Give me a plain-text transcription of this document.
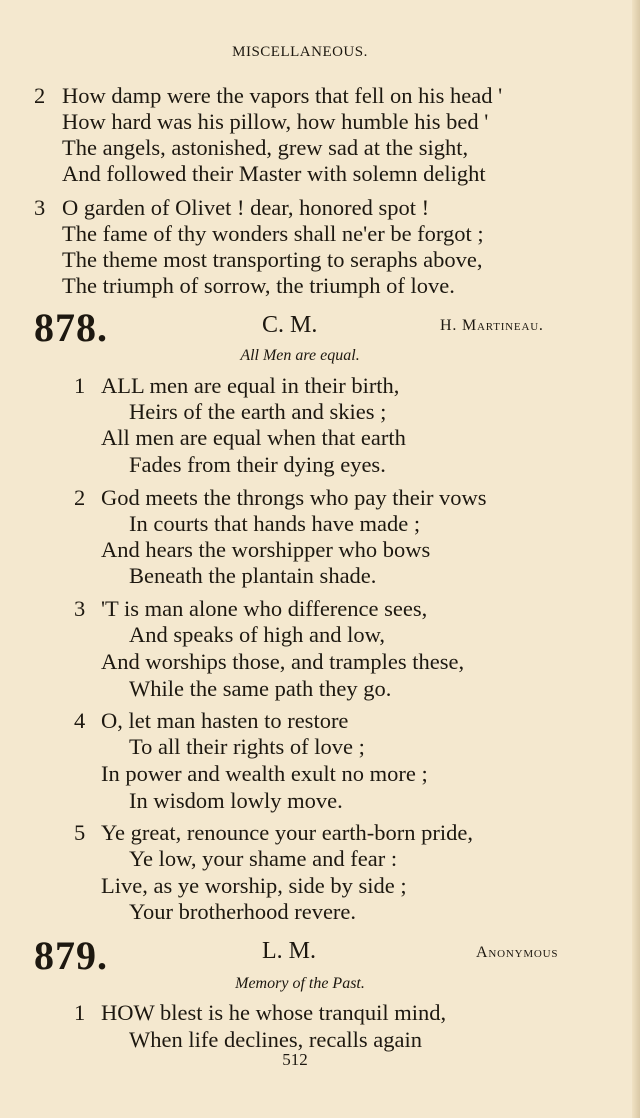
MISCELLANEOUS.
2 How damp were the vapors that fell on his head '
How hard was his pillow, how humble his bed '
The angels, astonished, grew sad at the sight,
And followed their Master with solemn delight
3 O garden of Olivet ! dear, honored spot !
The fame of thy wonders shall ne'er be forgot ;
The theme most transporting to seraphs above,
The triumph of sorrow, the triumph of love.
878.	C. M.	H. Martineau.
All Men are equal.
1 ALL men are equal in their birth,
Heirs of the earth and skies ;
All men are equal when that earth
Fades from their dying eyes.
2 God meets the throngs who pay their vows
In courts that hands have made ;
And hears the worshipper who bows
Beneath the plantain shade.
3 'T is man alone who difference sees,
And speaks of high and low,
And worships those, and tramples these,
While the same path they go.
4 O, let man hasten to restore
To all their rights of love ;
In power and wealth exult no more ;
In wisdom lowly move.
5 Ye great, renounce your earth-born pride,
Ye low, your shame and fear :
Live, as ye worship, side by side ;
Your brotherhood revere.
879.	L. M.	Anonymous
Memory of the Past.
1 HOW blest is he whose tranquil mind,
When life declines, recalls again
512
